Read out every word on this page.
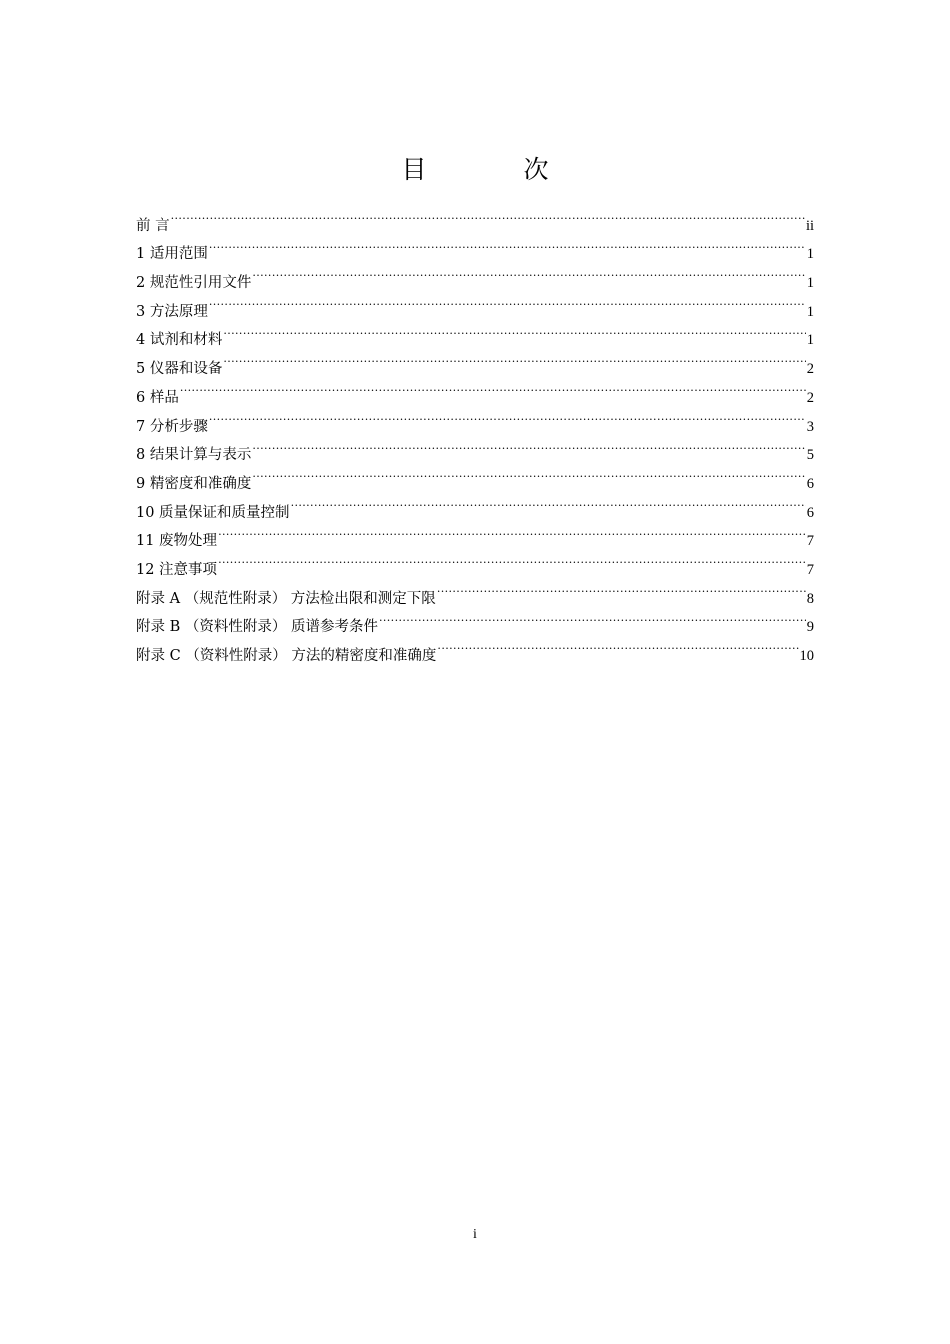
目　次
前 言 .....	ii
1 适用范围 .....	1
2 规范性引用文件 .....	1
3 方法原理 .....	1
4 试剂和材料 .....	1
5 仪器和设备 .....	2
6 样品 .....	2
7 分析步骤 .....	3
8 结果计算与表示 .....	5
9 精密度和准确度 .....	6
10 质量保证和质量控制 .....	6
11 废物处理 .....	7
12 注意事项 .....	7
附录 A （规范性附录） 方法检出限和测定下限 .....	8
附录 B （资料性附录） 质谱参考条件 .....	9
附录 C （资料性附录） 方法的精密度和准确度 .....	10
i
